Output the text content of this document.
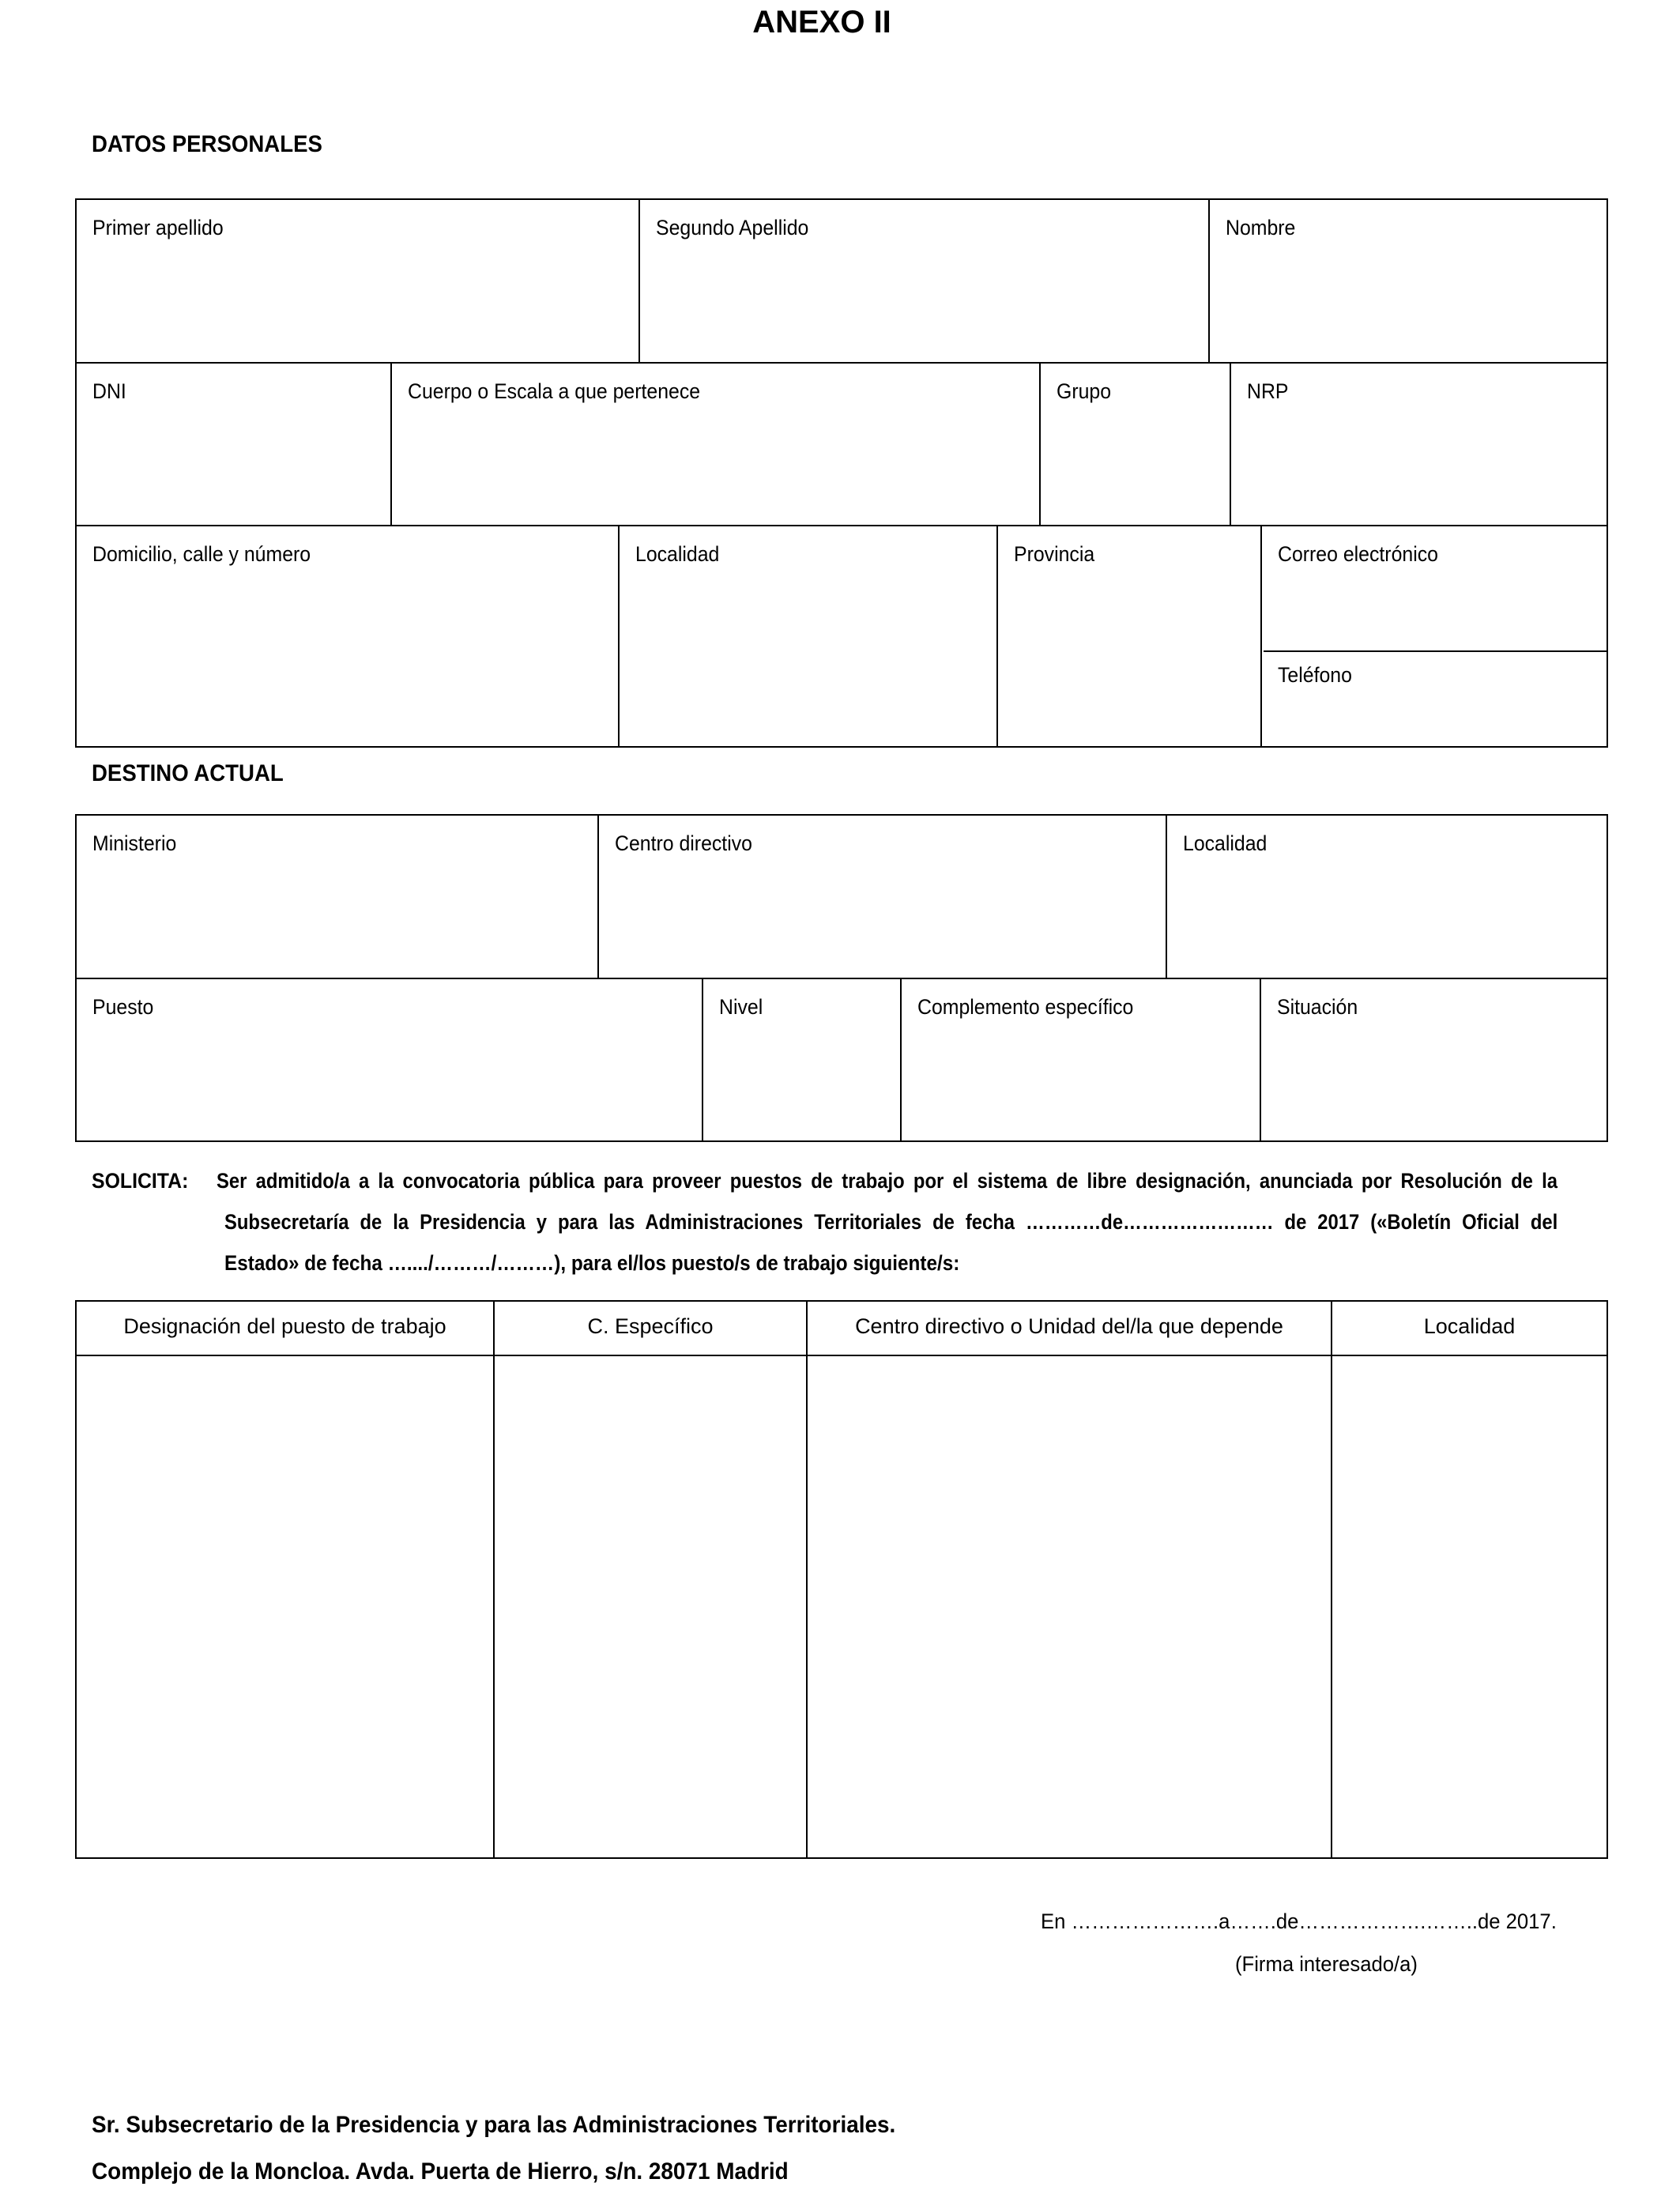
ANEXO II
DATOS PERSONALES
Primer apellido	Segundo Apellido	Nombre
DNI	Cuerpo o Escala a que pertenece	Grupo	NRP
Domicilio, calle y número	Localidad	Provincia	Correo electrónico
Teléfono
DESTINO ACTUAL
Ministerio	Centro directivo	Localidad
Puesto	Nivel	Complemento específico	Situación
SOLICITA: Ser admitido/a a la convocatoria pública para proveer puestos de trabajo por el sistema de libre designación, anunciada por Resolución de la
Subsecretaría de la Presidencia y para las Administraciones Territoriales de fecha …………de…………………… de 2017 («Boletín Oficial del
Estado» de fecha …..../………/………), para el/los puesto/s de trabajo siguiente/s:
Designación del puesto de trabajo	C. Específico	Centro directivo o Unidad del/la que depende	Localidad
En ………………….a…….de……………….……..de 2017.
(Firma interesado/a)
Sr. Subsecretario de la Presidencia y para las Administraciones Territoriales.
Complejo de la Moncloa. Avda. Puerta de Hierro, s/n. 28071 Madrid
